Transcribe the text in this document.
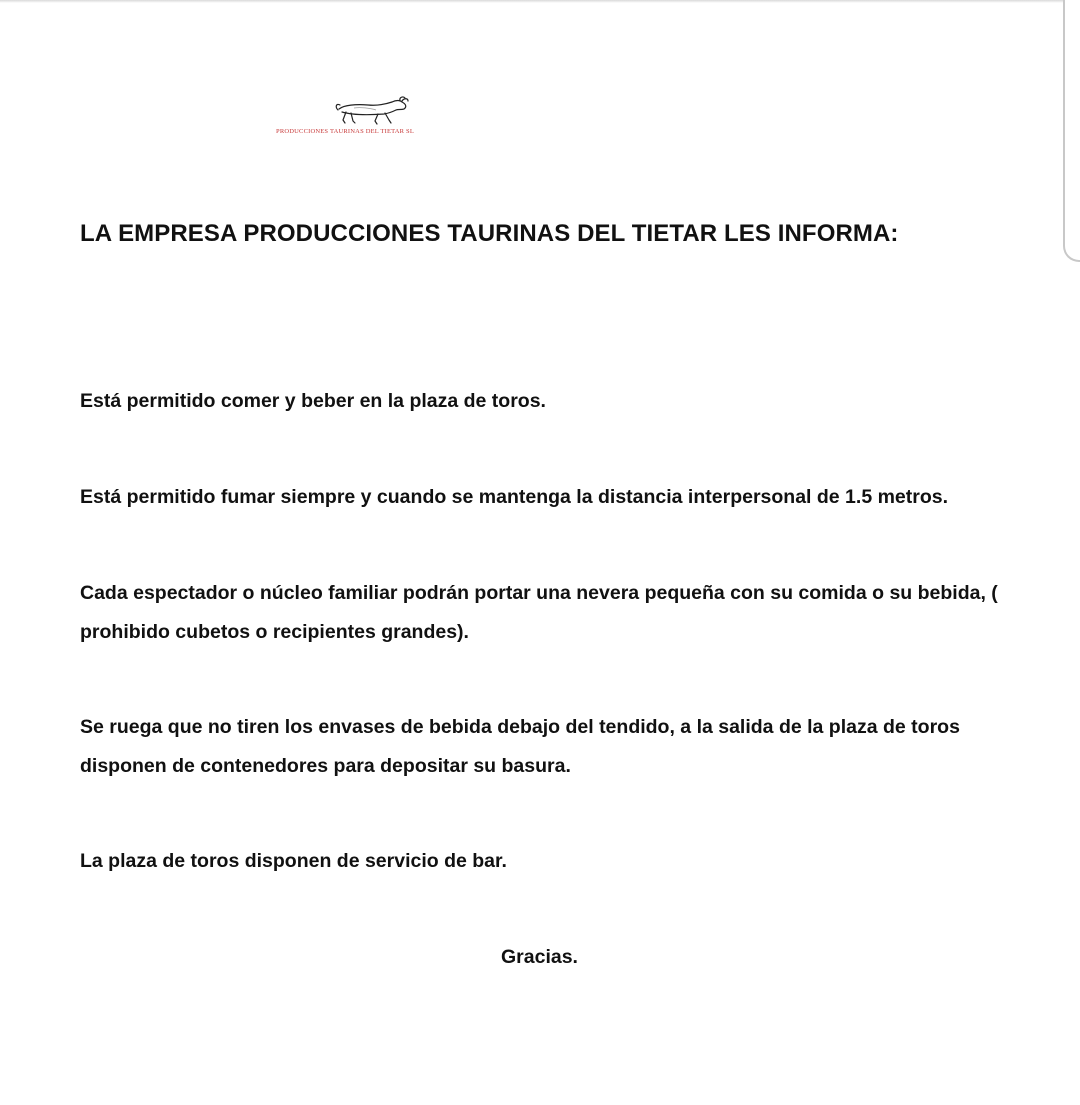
PRODUCCIONES TAURINAS DEL TIETAR SL
LA EMPRESA PRODUCCIONES TAURINAS DEL TIETAR LES INFORMA:

Está permitido comer y beber en la plaza de toros.

Está permitido fumar siempre y cuando se mantenga la distancia interpersonal de 1.5 metros.

Cada espectador o núcleo familiar podrán portar una nevera pequeña con su comida o su bebida, ( prohibido cubetos o recipientes grandes).

Se ruega que no tiren los envases de bebida debajo del tendido, a la salida de la plaza de toros disponen de contenedores para depositar su basura.

La plaza de toros disponen de servicio de bar.

Gracias.
